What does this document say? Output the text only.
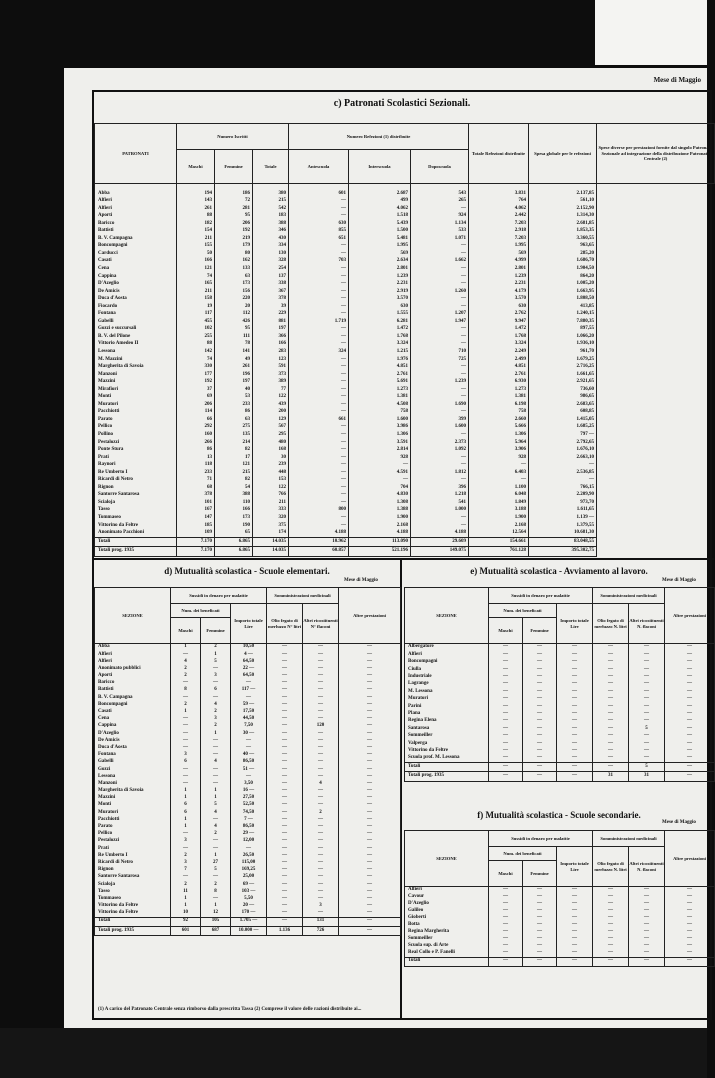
Mese di Maggio
c) Patronati Scolastici Sezionali.
PATRONATI	Numero Iscritti			Numero Refezioni (1) distribuite			Totale Refezioni distribuite	Spesa globale per le refezioni	Spese diverse per prestazioni fornite dal singolo Patronato Sezionale ad integrazione della distribuzione Patronato Centrale (2)
	Maschi	Femmine	Totale	Antescuola	Interscuola	Doposcuola			

Abba	194	186	380	601	2.687	543	3.831	2.137,85	
Alfieri	143	72	215	—	499	265	764	561,10	
Alfieri	261	281	542	—	4.062	—	4.062	2.152,90	
Aporti	88	95	183	—	1.518	924	2.442	1.314,30	
Baricco	182	206	388	630	5.439	1.134	7.203	2.681,85	
Battisti	154	192	346	855	1.500	533	2.918	1.853,35	
B. V. Campagna	211	219	430	651	5.481	1.071	7.203	3.360,55	
Boncompagni	155	179	334	—	1.995	—	1.995	963,65	
Carducci	50	80	130	—	569	—	569	285,20	
Casati	166	162	328	703	2.634	1.662	4.999	1.686,70	
Cena	121	133	254	—	2.801	—	2.801	1.904,50	
Cappina	74	63	137	—	1.239	—	1.239	864,20	
D'Azeglio	165	173	338	—	2.231	—	2.231	1.005,20	
De Amicis	211	156	367	—	2.919	1.260	4.179	1.663,95	
Duca d'Aosta	158	220	378	—	3.570	—	3.570	1.808,50	
Fiocardo	19	20	39	—	630	—	630	413,85	
Fontana	117	112	229	—	1.555	1.207	2.762	1.240,15	
Gabelli	455	426	881	1.719	6.281	1.947	9.947	7.880,35	
Gozzi e succursali	102	95	197	—	1.472	—	1.472	897,55	
B. V. del Pilone	255	111	366	—	1.768	—	1.768	1.066,20	
Vittorio Amedeo II	88	78	166	—	3.324	—	3.324	1.936,10	
Lessona	142	141	283	324	1.215	710	2.249	961,70	
M. Mazzini	74	49	123	—	1.976	725	2.499	1.679,25	
Margherita di Savoia	330	261	591	—	4.851	—	4.851	2.716,25	
Manzoni	177	196	373	—	2.761	—	2.761	1.661,65	
Mazzini	192	197	389	—	5.691	1.239	6.930	2.921,65	
Mirafiori	37	40	77	—	1.273	—	1.273	736,60	
Monti	69	53	122	—	1.381	—	1.381	986,65	
Muratori	206	233	439	—	4.508	1.690	6.198	2.683,65	
Pacchiotti	114	86	200	—	758	—	758	608,85	
Parato	66	63	129	661	1.600	399	2.660	1.415,05	
Pellico	292	275	567	—	3.986	1.600	5.666	1.685,25	
Pollino	160	135	295	—	1.306	—	1.306	797 —	
Pestalozzi	266	214	480	—	3.591	2.373	5.964	2.792,65	
Ponte Stura	86	82	168	—	2.814	1.092	3.906	1.676,10	
Prati	13	17	30	—	928	—	928	2.663,10	
Raynori	118	121	239	—	—	—	—	—	
Re Umberto I	233	215	448	—	4.591	1.812	6.403	2.536,85	
Ricardi di Netro	71	82	153	—	—	—	—	—	
Rignon	68	54	122	—	704	396	1.100	766,15	
Santorre Santarosa	378	388	766	—	4.830	1.218	6.048	2.209,90	
Scialoja	101	110	211	—	1.308	541	1.849	973,70	
Tasso	167	166	333	800	1.388	1.000	3.188	1.611,65	
Tommaseo	147	173	320	—	1.900	—	1.900	1.139 —	
Vittorino da Feltre	185	190	375	—	2.168	—	2.168	1.379,55	
Anonimato Pacchioni	109	65	174	4.188	4.188	4.188	12.564	10.681,30	
Totali	7.170	6.865	14.035	10.962	113.090	29.609	154.661	83.048,55	
Totali prog. 1935	7.170	6.865	14.035	60.857	521.196	149.075	761.128	395.302,75	
d) Mutualità scolastica - Scuole elementari.
Mese di Maggio
e) Mutualità scolastica - Avviamento al lavoro.
Mese di Maggio
SEZIONE	Sussidi in denaro per malattie			Somministrazioni medicinali		Altre prestazioni
	Num. dei beneficati		Importo totale Lire	Olio fegato di merluzzo N° litri	Altri ricostituenti N° flaconi	
	Maschi	Femmine				

Abba	1	2	10,50	—	—	—
Alfieri	—	1	4 —	—	—	—
Alfieri	4	5	64,50	—	—	—
Anonimato pubblici	2	—	22 —	—	—	—
Aporti	2	3	64,50	—	—	—
Baricco	—	—	—	—	—	—
Battisti	8	6	117 —	—	—	—
B. V. Campagna	—	—	—	—	—	—
Boncompagni	2	4	59 —	—	—	—
Casati	1	2	17,50	—	—	—
Cena	—	3	44,50	—	—	—
Cappina	—	2	7,50	—	120	—
D'Azeglio	—	1	30 —	—	—	—
De Amicis	—	—	—	—	—	—
Duca d'Aosta	—	—	—	—	—	—
Fontana	3	—	40 —	—	—	—
Gabelli	6	4	86,50	—	—	—
Gozzi	—	—	51 —	—	—	—
Lessona	—	—	—	—	—	—
Manzoni	—	—	3,50	—	4	—
Margherita di Savoia	1	1	16 —	—	—	—
Mazzini	1	1	27,50	—	—	—
Monti	6	5	52,50	—	—	—
Muratori	6	4	74,50	—	2	—
Pacchiotti	1	—	7 —	—	—	—
Parato	1	4	86,50	—	—	—
Pellico	—	2	29 —	—	—	—
Pestalozzi	3	—	12,00	—	—	—
Prati	—	—	—	—	—	—
Re Umberto I	2	1	26,50	—	—	—
Ricardi di Netro	3	27	115,00	—	—	—
Rignon	7	5	169,25	—	—	—
Santorre Santarosa	—	—	25,00	—	—	—
Scialoja	2	2	69 —	—	—	—
Tasso	11	8	103 —	—	—	—
Tommaseo	1	—	5,50	—	—	—
Vittorino da Feltre	1	1	20 —	—	3	—
Vittorino da Feltre	10	12	170 —	—	—	—
Totali	92	105	1.705 —	—	131	—
Totali prog. 1935	601	687	10.000 —	1.136	726	—
SEZIONE	Sussidi in denaro per malattie			Somministrazioni medicinali		Altre prestazioni
	Num. dei beneficati		Importo totale Lire	Olio fegato di merluzzo N. litri	Altri ricostituenti N. flaconi	
	Maschi	Femmine				

Albergatore	—	—	—	—	—	—
Alfieri	—	—	—	—	—	—
Boncompagni	—	—	—	—	—	—
Ciulla	—	—	—	—	—	—
Industriale	—	—	—	—	—	—
Lagrange	—	—	—	—	—	—
M. Lessona	—	—	—	—	—	—
Muratori	—	—	—	—	—	—
Parini	—	—	—	—	—	—
Plana	—	—	—	—	—	—
Regina Elena	—	—	—	—	—	—
Santarosa	—	—	—	—	5	—
Sommeiller	—	—	—	—	—	—
Valperga	—	—	—	—	—	—
Vittorino da Feltre	—	—	—	—	—	—
Scuola prof. M. Lessona	—	—	—	—	—	—
Totali	—	—	—	—	5	—
Totali prog. 1935	—	—	—	31	31	—
f) Mutualità scolastica - Scuole secondarie.
Mese di Maggio
SEZIONE	Sussidi in denaro per malattie			Somministrazioni medicinali		Altre prestazioni
	Num. dei beneficati		Importo totale Lire	Olio fegato di merluzzo N. litri	Altri ricostituenti N. flaconi	
	Maschi	Femmine				

Alfieri	—	—	—	—	—	—
Cavour	—	—	—	—	—	—
D'Azeglio	—	—	—	—	—	—
Galileo	—	—	—	—	—	—
Gioberti	—	—	—	—	—	—
Botta	—	—	—	—	—	—
Regina Margherita	—	—	—	—	—	—
Sommeiller	—	—	—	—	—	—
Scuola sup. di Arte	—	—	—	—	—	—
Real Collo e P. Fanelli	—	—	—	—	—	—
Totali	—	—	—	—	—	—
(1) A carico del Patronato Centrale senza rimborso dalla prescritta Tassa (2) Comprese il valore delle razioni distribuite ai...
